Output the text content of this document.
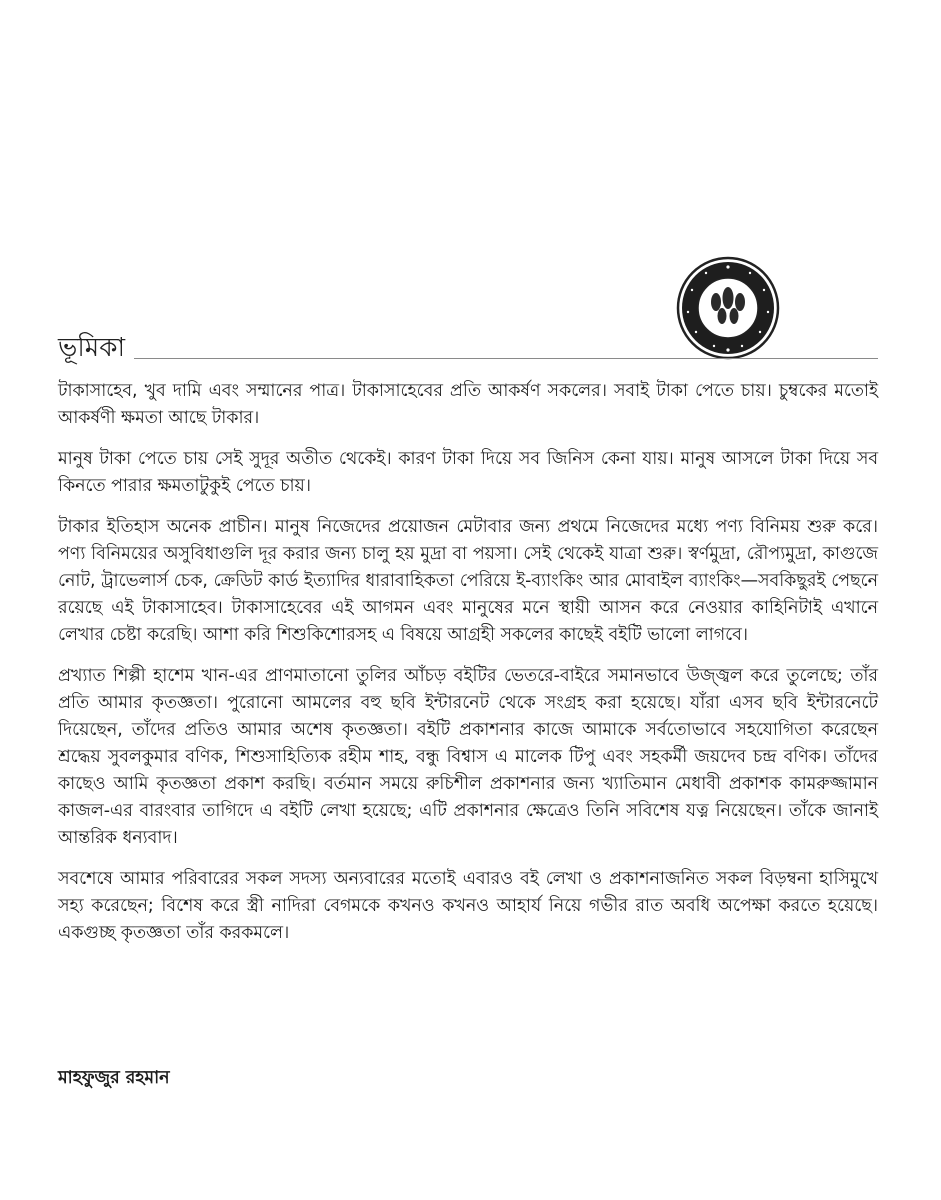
ভূমিকা

টাকাসাহেব, খুব দামি এবং সম্মানের পাত্র। টাকাসাহেবের প্রতি আকর্ষণ সকলের। সবাই টাকা পেতে চায়। চুম্বকের মতোই আকর্ষণী ক্ষমতা আছে টাকার।

মানুষ টাকা পেতে চায় সেই সুদূর অতীত থেকেই। কারণ টাকা দিয়ে সব জিনিস কেনা যায়। মানুষ আসলে টাকা দিয়ে সব কিনতে পারার ক্ষমতাটুকুই পেতে চায়।

টাকার ইতিহাস অনেক প্রাচীন। মানুষ নিজেদের প্রয়োজন মেটাবার জন্য প্রথমে নিজেদের মধ্যে পণ্য বিনিময় শুরু করে। পণ্য বিনিময়ের অসুবিধাগুলি দূর করার জন্য চালু হয় মুদ্রা বা পয়সা। সেই থেকেই যাত্রা শুরু। স্বর্ণমুদ্রা, রৌপ্যমুদ্রা, কাগুজে নোট, ট্রাভেলার্স চেক, ক্রেডিট কার্ড ইত্যাদির ধারাবাহিকতা পেরিয়ে ই-ব্যাংকিং আর মোবাইল ব্যাংকিং—সবকিছুরই পেছনে রয়েছে এই টাকাসাহেব। টাকাসাহেবের এই আগমন এবং মানুষের মনে স্থায়ী আসন করে নেওয়ার কাহিনিটাই এখানে লেখার চেষ্টা করেছি। আশা করি শিশুকিশোরসহ এ বিষয়ে আগ্রহী সকলের কাছেই বইটি ভালো লাগবে।

প্রখ্যাত শিল্পী হাশেম খান-এর প্রাণমাতানো তুলির আঁচড় বইটির ভেতরে-বাইরে সমানভাবে উজ্জ্বল করে তুলেছে; তাঁর প্রতি আমার কৃতজ্ঞতা। পুরোনো আমলের বহু ছবি ইন্টারনেট থেকে সংগ্রহ করা হয়েছে। যাঁরা এসব ছবি ইন্টারনেটে দিয়েছেন, তাঁদের প্রতিও আমার অশেষ কৃতজ্ঞতা। বইটি প্রকাশনার কাজে আমাকে সর্বতোভাবে সহযোগিতা করেছেন শ্রদ্ধেয় সুবলকুমার বণিক, শিশুসাহিত্যিক রহীম শাহ, বন্ধু বিশ্বাস এ মালেক টিপু এবং সহকর্মী জয়দেব চন্দ্র বণিক। তাঁদের কাছেও আমি কৃতজ্ঞতা প্রকাশ করছি। বর্তমান সময়ে রুচিশীল প্রকাশনার জন্য খ্যাতিমান মেধাবী প্রকাশক কামরুজ্জামান কাজল-এর বারংবার তাগিদে এ বইটি লেখা হয়েছে; এটি প্রকাশনার ক্ষেত্রেও তিনি সবিশেষ যত্ন নিয়েছেন। তাঁকে জানাই আন্তরিক ধন্যবাদ।

সবশেষে আমার পরিবারের সকল সদস্য অন্যবারের মতোই এবারও বই লেখা ও প্রকাশনাজনিত সকল বিড়ম্বনা হাসিমুখে সহ্য করেছেন; বিশেষ করে স্ত্রী নাদিরা বেগমকে কখনও কখনও আহার্য নিয়ে গভীর রাত অবধি অপেক্ষা করতে হয়েছে। একগুচ্ছ কৃতজ্ঞতা তাঁর করকমলে।

মাহফুজুর রহমান
